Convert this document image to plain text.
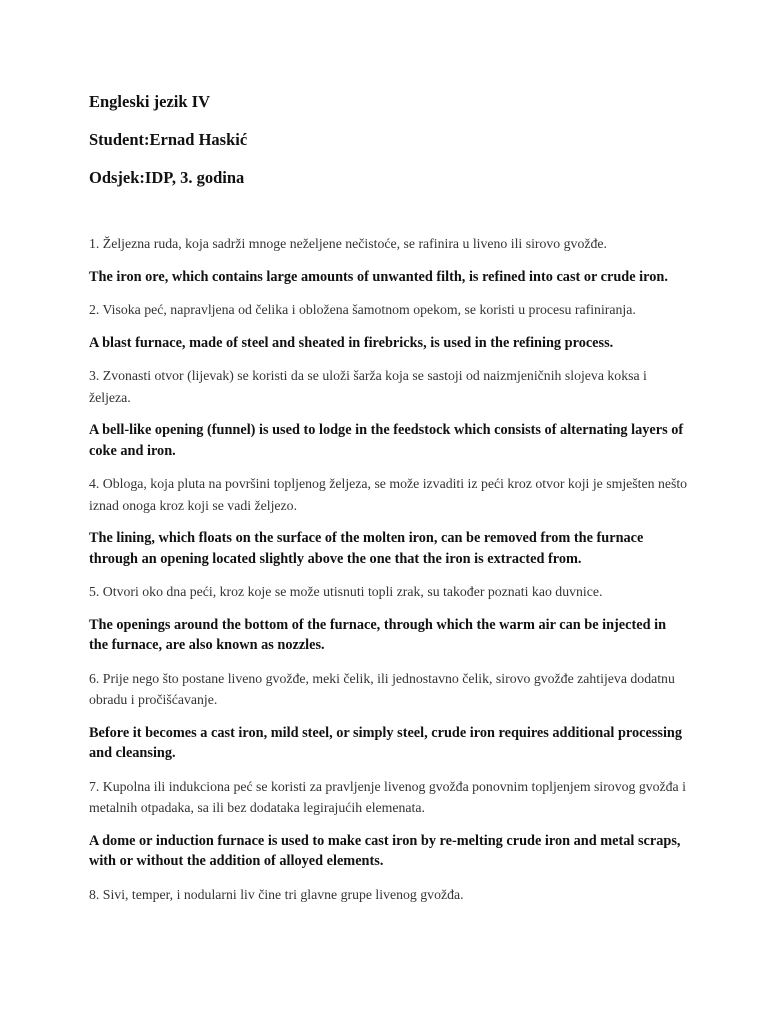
Engleski jezik IV

Student:Ernad Haskić

Odsjek:IDP, 3. godina

1. Željezna ruda, koja sadrži mnoge neželjene nečistoće, se rafinira u liveno ili sirovo gvožđe.

The iron ore, which contains large amounts of unwanted filth, is refined into cast or crude iron.

2. Visoka peć, napravljena od čelika i obložena šamotnom opekom, se koristi u procesu rafiniranja.

A blast furnace, made of steel and sheated in firebricks, is used in the refining process.

3. Zvonasti otvor (lijevak) se koristi da se uloži šarža koja se sastoji od naizmjeničnih slojeva koksa i željeza.

A bell-like opening (funnel) is used to lodge in the feedstock which consists of alternating layers of coke and iron.

4. Obloga, koja pluta na površini topljenog željeza, se može izvaditi iz peći kroz otvor koji je smješten nešto iznad onoga kroz koji se vadi željezo.

The lining, which floats on the surface of the molten iron, can be removed from the furnace through an opening located slightly above the one that the iron is extracted from.

5. Otvori oko dna peći, kroz koje se može utisnuti topli zrak, su također poznati kao duvnice.

The openings around the bottom of the furnace, through which the warm air can be injected in the furnace, are also known as nozzles.

6. Prije nego što postane liveno gvožđe, meki čelik, ili jednostavno čelik, sirovo gvožđe zahtijeva dodatnu obradu i pročišćavanje.

Before it becomes a cast iron, mild steel, or simply steel, crude iron requires additional processing and cleansing.

7. Kupolna ili indukciona peć se koristi za pravljenje livenog gvožđa ponovnim topljenjem sirovog gvožđa i metalnih otpadaka, sa ili bez dodataka legirajućih elemenata.

A dome or induction furnace is used to make cast iron by re-melting crude iron and metal scraps, with or without the addition of alloyed elements.

8. Sivi, temper, i nodularni liv čine tri glavne grupe livenog gvožđa.
